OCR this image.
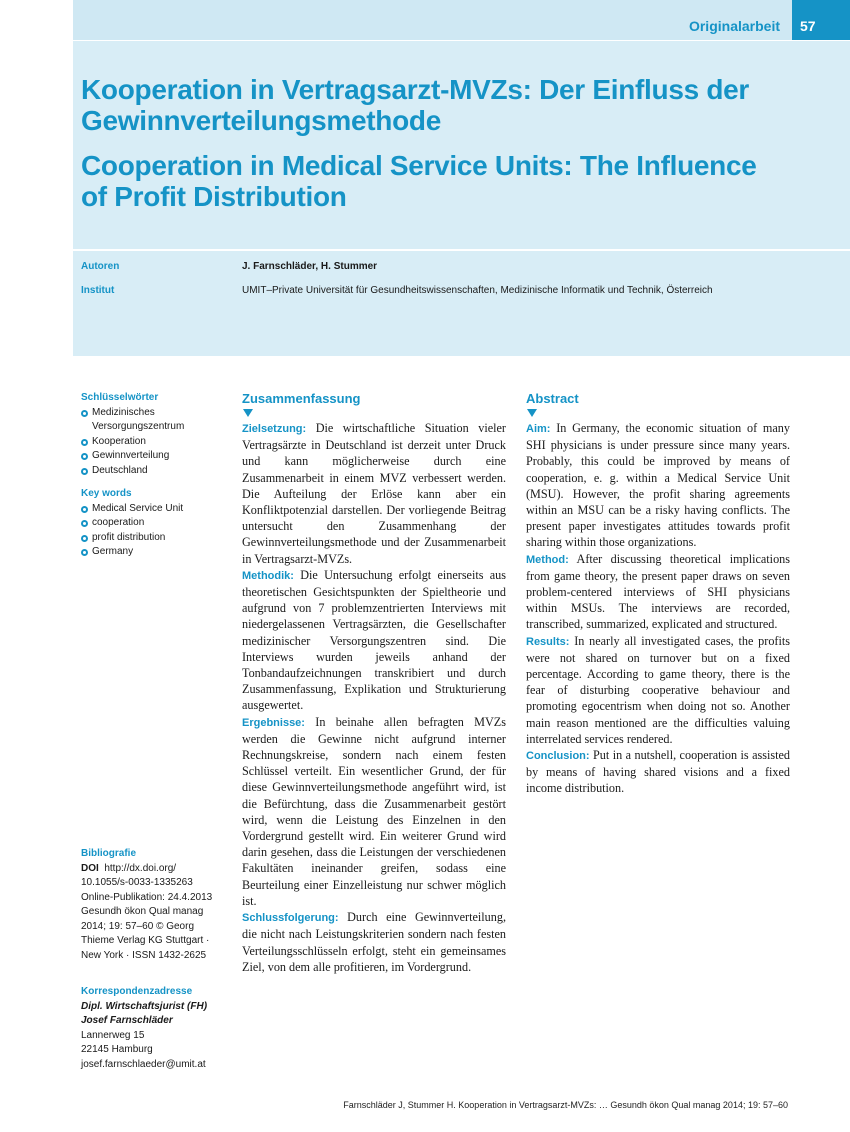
Originalarbeit	57
Kooperation in Vertragsarzt-MVZs: Der Einfluss der Gewinnverteilungsmethode
Cooperation in Medical Service Units: The Influence of Profit Distribution
Autoren	J. Farnschläder, H. Stummer
Institut	UMIT–Private Universität für Gesundheitswissenschaften, Medizinische Informatik und Technik, Österreich
Schlüsselwörter
Medizinisches Versorgungszentrum
Kooperation
Gewinnverteilung
Deutschland
Key words
Medical Service Unit
cooperation
profit distribution
Germany
Bibliografie
DOI http://dx.doi.org/
10.1055/s-0033-1335263
Online-Publikation: 24.4.2013
Gesundh ökon Qual manag
2014; 19: 57–60 © Georg
Thieme Verlag KG Stuttgart ·
New York · ISSN 1432-2625
Korrespondenzadresse
Dipl. Wirtschaftsjurist (FH)
Josef Farnschläder
Lannerweg 15
22145 Hamburg
josef.farnschlaeder@umit.at
Zusammenfassung

Zielsetzung: Die wirtschaftliche Situation vieler Vertragsärzte in Deutschland ist derzeit unter Druck und kann möglicherweise durch eine Zusammenarbeit in einem MVZ verbessert werden. Die Aufteilung der Erlöse kann aber ein Konfliktpotenzial darstellen. Der vorliegende Beitrag untersucht den Zusammenhang der Gewinnverteilungsmethode und der Zusammenarbeit in Vertragsarzt-MVZs.

Methodik: Die Untersuchung erfolgt einerseits aus theoretischen Gesichtspunkten der Spieltheorie und aufgrund von 7 problemzentrierten Interviews mit niedergelassenen Vertragsärzten, die Gesellschafter medizinischer Versorgungszentren sind. Die Interviews wurden jeweils anhand der Tonbandaufzeichnungen transkribiert und durch Zusammenfassung, Explikation und Strukturierung ausgewertet.

Ergebnisse: In beinahe allen befragten MVZs werden die Gewinne nicht aufgrund interner Rechnungskreise, sondern nach einem festen Schlüssel verteilt. Ein wesentlicher Grund, der für diese Gewinnverteilungsmethode angeführt wird, ist die Befürchtung, dass die Zusammenarbeit gestört wird, wenn die Leistung des Einzelnen in den Vordergrund gestellt wird. Ein weiterer Grund wird darin gesehen, dass die Leistungen der verschiedenen Fakultäten ineinander greifen, sodass eine Beurteilung einer Einzelleistung nur schwer möglich ist.

Schlussfolgerung: Durch eine Gewinnverteilung, die nicht nach Leistungskriterien sondern nach festen Verteilungsschlüsseln erfolgt, steht ein gemeinsames Ziel, von dem alle profitieren, im Vordergrund.

Abstract

Aim: In Germany, the economic situation of many SHI physicians is under pressure since many years. Probably, this could be improved by means of cooperation, e. g. within a Medical Service Unit (MSU). However, the profit sharing agreements within an MSU can be a risky having conflicts. The present paper investigates attitudes towards profit sharing within those organizations.

Method: After discussing theoretical implications from game theory, the present paper draws on seven problem-centered interviews of SHI physicians within MSUs. The interviews are recorded, transcribed, summarized, explicated and structured.

Results: In nearly all investigated cases, the profits were not shared on turnover but on a fixed percentage. According to game theory, there is the fear of disturbing cooperative behaviour and promoting egocentrism when doing not so. Another main reason mentioned are the difficulties valuing interrelated services rendered.

Conclusion: Put in a nutshell, cooperation is assisted by means of having shared visions and a fixed income distribution.

Farnschläder J, Stummer H. Kooperation in Vertragsarzt-MVZs: … Gesundh ökon Qual manag 2014; 19: 57–60
